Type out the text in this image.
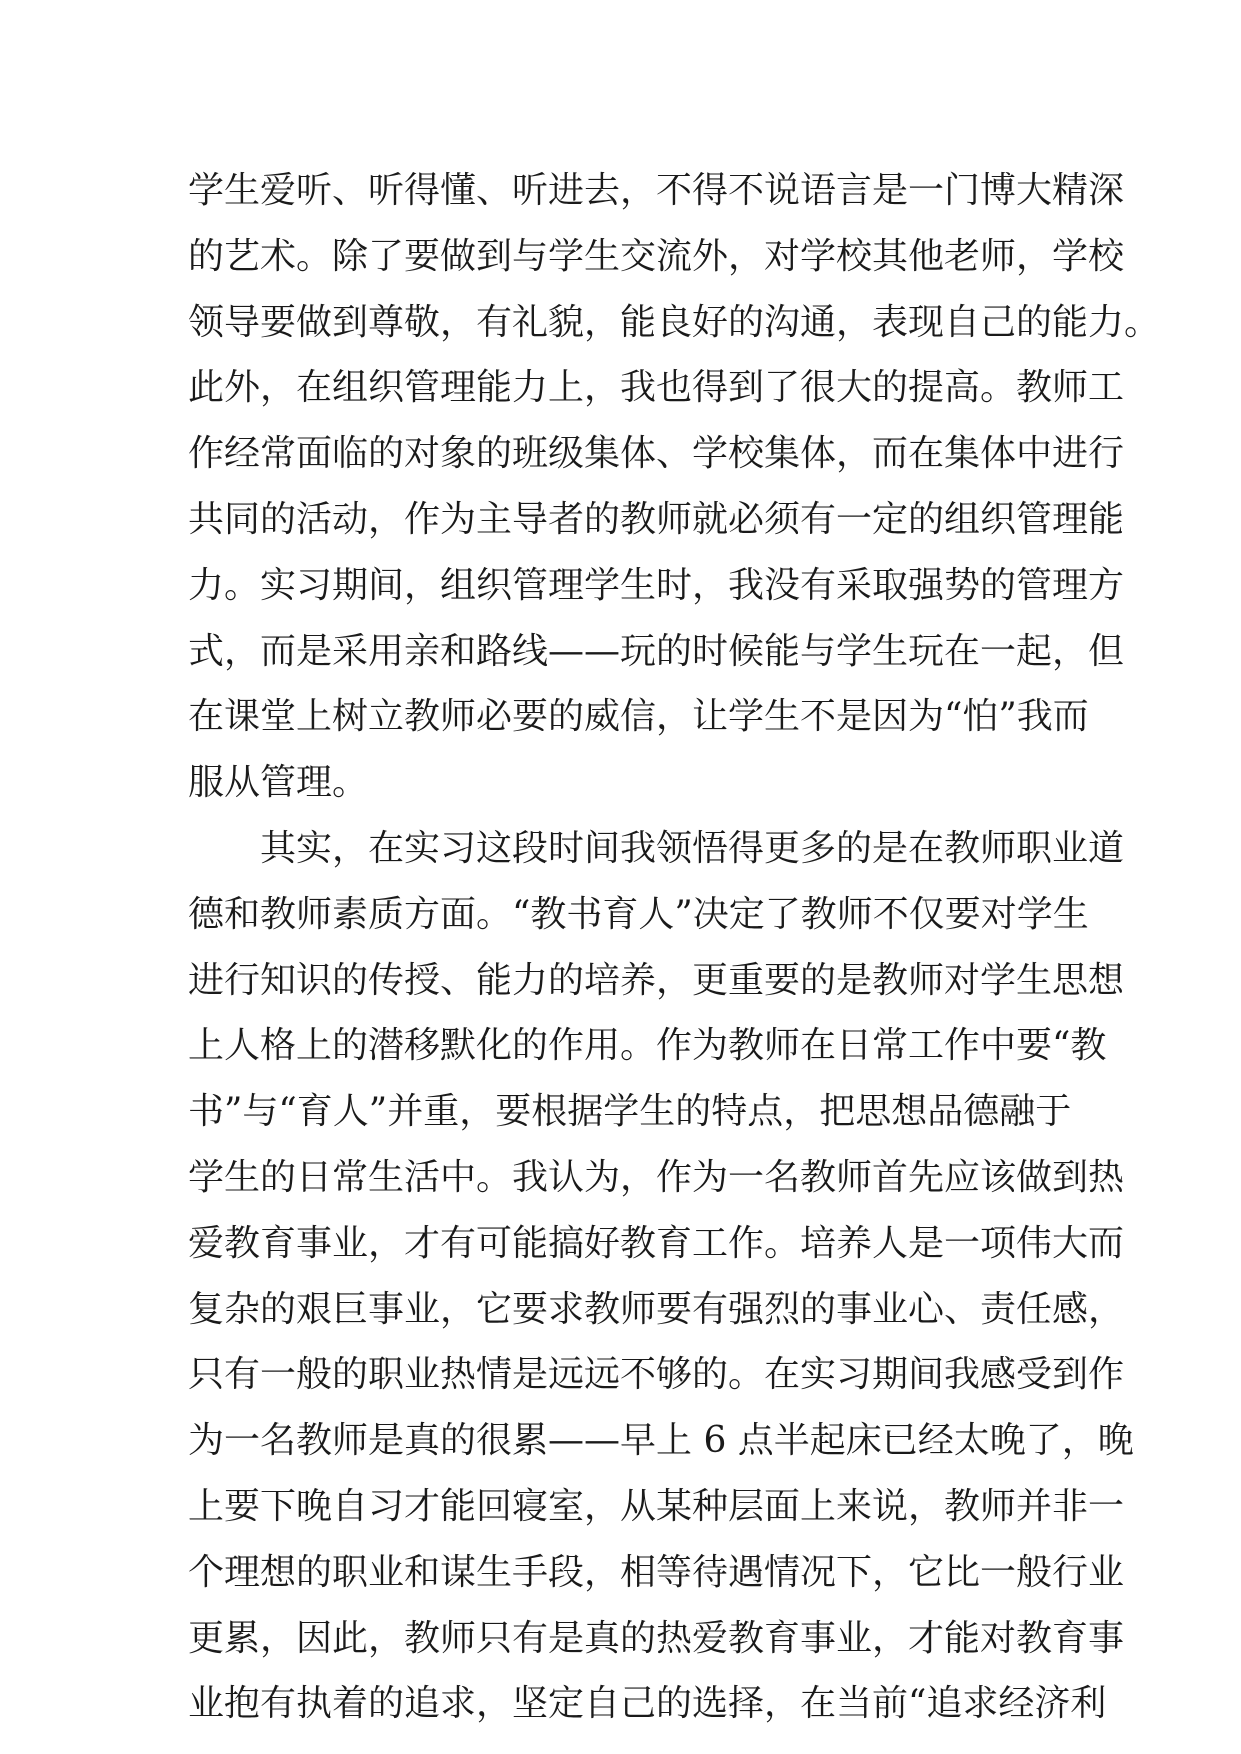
学生爱听、听得懂、听进去，不得不说语言是一门博大精深
的艺术。除了要做到与学生交流外，对学校其他老师，学校
领导要做到尊敬，有礼貌，能良好的沟通，表现自己的能力。
此外，在组织管理能力上，我也得到了很大的提高。教师工
作经常面临的对象的班级集体、学校集体，而在集体中进行
共同的活动，作为主导者的教师就必须有一定的组织管理能
力。实习期间，组织管理学生时，我没有采取强势的管理方
式，而是采用亲和路线——玩的时候能与学生玩在一起，但
在课堂上树立教师必要的威信，让学生不是因为“怕”我而
服从管理。
　　其实，在实习这段时间我领悟得更多的是在教师职业道
德和教师素质方面。“教书育人”决定了教师不仅要对学生
进行知识的传授、能力的培养，更重要的是教师对学生思想
上人格上的潜移默化的作用。作为教师在日常工作中要“教
书”与“育人”并重，要根据学生的特点，把思想品德融于
学生的日常生活中。我认为，作为一名教师首先应该做到热
爱教育事业，才有可能搞好教育工作。培养人是一项伟大而
复杂的艰巨事业，它要求教师要有强烈的事业心、责任感，
只有一般的职业热情是远远不够的。在实习期间我感受到作
为一名教师是真的很累——早上 6 点半起床已经太晚了，晚
上要下晚自习才能回寝室，从某种层面上来说，教师并非一
个理想的职业和谋生手段，相等待遇情况下，它比一般行业
更累，因此，教师只有是真的热爱教育事业，才能对教育事
业抱有执着的追求，坚定自己的选择，在当前“追求经济利
